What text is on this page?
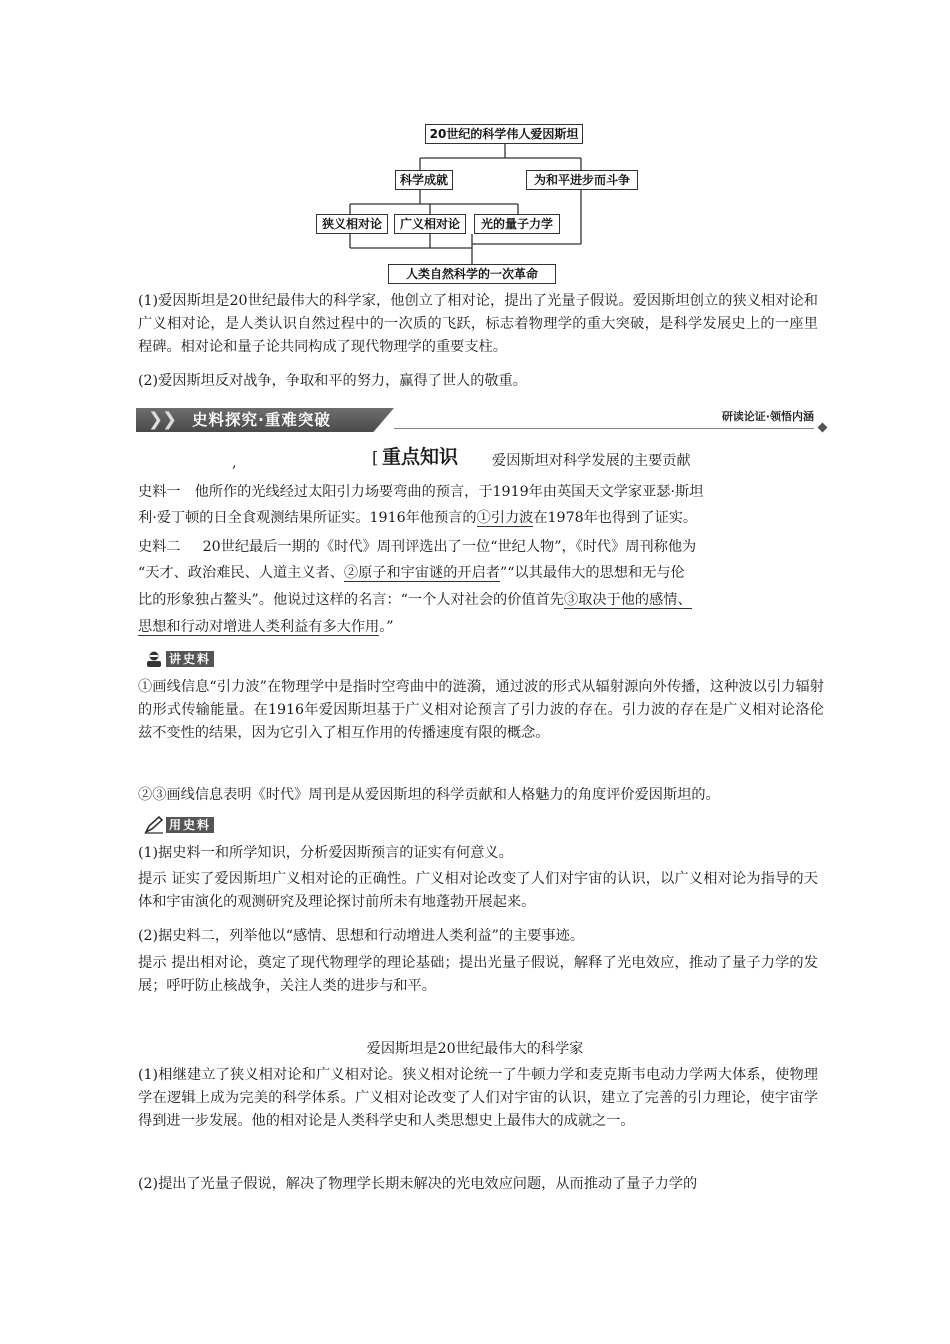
20世纪的科学伟人爱因斯坦
科学成就	为和平进步而斗争
狭义相对论	广义相对论	光的量子力学
人类自然科学的一次革命

(1)爱因斯坦是20世纪最伟大的科学家，他创立了相对论，提出了光量子假说。爱因斯坦创立的狭义相对论和广义相对论，是人类认识自然过程中的一次质的飞跃，标志着物理学的重大突破，是科学发展史上的一座里程碑。相对论和量子论共同构成了现代物理学的重要支柱。

(2)爱因斯坦反对战争，争取和平的努力，赢得了世人的敬重。

❯
❯ 史料探究·重难突破	研读论证·领悟内涵
,	[ 重点知识 爱因斯坦对科学发展的主要贡献
史料一 他所作的光线经过太阳引力场要弯曲的预言，于1919年由英国天文学家亚瑟·斯坦
利·爱丁顿的日全食观测结果所证实。1916年他预言的①引力波在1978年也得到了证实。
史料二 20世纪最后一期的《时代》周刊评选出了一位“世纪人物”，《时代》周刊称他为
“天才、政治难民、人道主义者、②原子和宇宙谜的开启者”“以其最伟大的思想和无与伦
比的形象独占鳌头”。他说过这样的名言：“一个人对社会的价值首先③取决于他的感情、
思想和行动对增进人类利益有多大作用。”
讲史料

①画线信息“引力波”在物理学中是指时空弯曲中的涟漪，通过波的形式从辐射源向外传播，这种波以引力辐射的形式传输能量。在1916年爱因斯坦基于广义相对论预言了引力波的存在。引力波的存在是广义相对论洛伦兹不变性的结果，因为它引入了相互作用的传播速度有限的概念。

②③画线信息表明《时代》周刊是从爱因斯坦的科学贡献和人格魅力的角度评价爱因斯坦的。

用史料

(1)据史料一和所学知识，分析爱因斯预言的证实有何意义。

提示 证实了爱因斯坦广义相对论的正确性。广义相对论改变了人们对宇宙的认识，以广义相对论为指导的天体和宇宙演化的观测研究及理论探讨前所未有地蓬勃开展起来。

(2)据史料二，列举他以“感情、思想和行动增进人类利益”的主要事迹。

提示 提出相对论，奠定了现代物理学的理论基础；提出光量子假说，解释了光电效应，推动了量子力学的发展；呼吁防止核战争，关注人类的进步与和平。

爱因斯坦是20世纪最伟大的科学家

(1)相继建立了狭义相对论和广义相对论。狭义相对论统一了牛顿力学和麦克斯韦电动力学两大体系，使物理学在逻辑上成为完美的科学体系。广义相对论改变了人们对宇宙的认识，建立了完善的引力理论，使宇宙学得到进一步发展。他的相对论是人类科学史和人类思想史上最伟大的成就之一。

(2)提出了光量子假说，解决了物理学长期未解决的光电效应问题，从而推动了量子力学的
